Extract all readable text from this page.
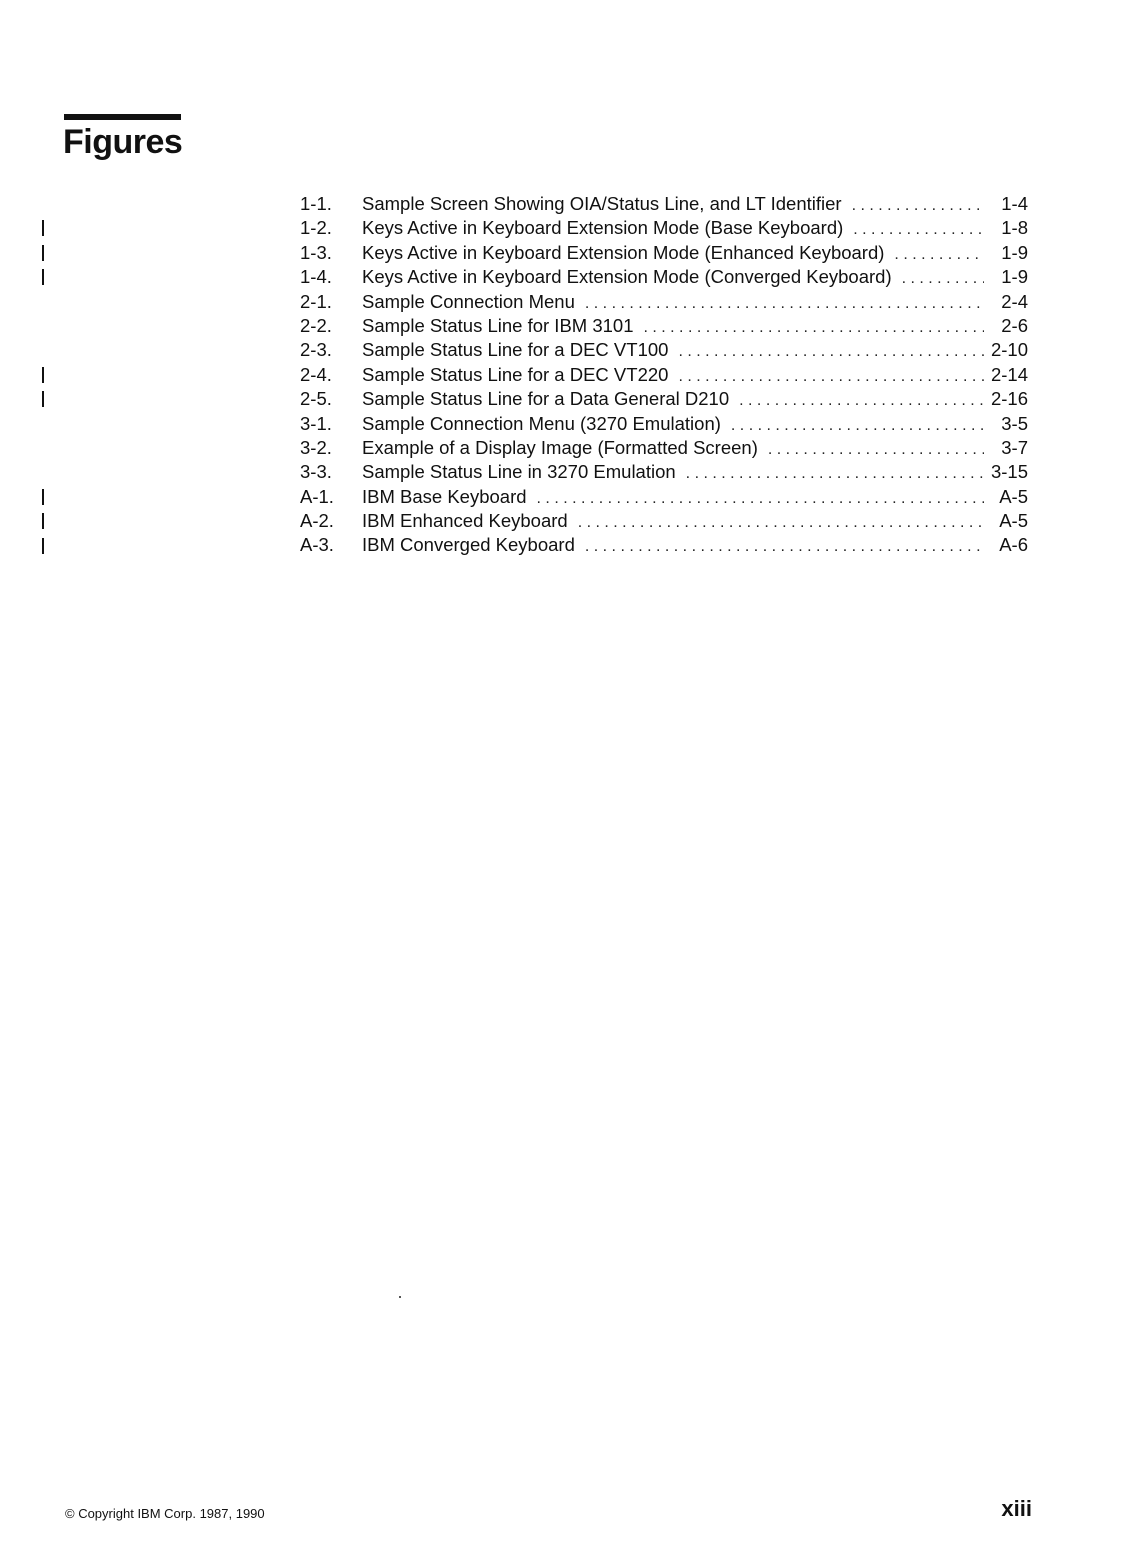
Figures
1-1.	Sample Screen Showing OIA/Status Line, and LT Identifier . . .	1-4
1-2.	Keys Active in Keyboard Extension Mode (Base Keyboard) . . .	1-8
1-3.	Keys Active in Keyboard Extension Mode (Enhanced Keyboard) . . .	1-9
1-4.	Keys Active in Keyboard Extension Mode (Converged Keyboard) . . .	1-9
2-1.	Sample Connection Menu . . .	2-4
2-2.	Sample Status Line for IBM 3101 . . .	2-6
2-3.	Sample Status Line for a DEC VT100 . . .	2-10
2-4.	Sample Status Line for a DEC VT220 . . .	2-14
2-5.	Sample Status Line for a Data General D210 . . .	2-16
3-1.	Sample Connection Menu (3270 Emulation) . . .	3-5
3-2.	Example of a Display Image (Formatted Screen) . . .	3-7
3-3.	Sample Status Line in 3270 Emulation . . .	3-15
A-1.	IBM Base Keyboard . . .	A-5
A-2.	IBM Enhanced Keyboard . . .	A-5
A-3.	IBM Converged Keyboard . . .	A-6
© Copyright IBM Corp. 1987, 1990	xiii
